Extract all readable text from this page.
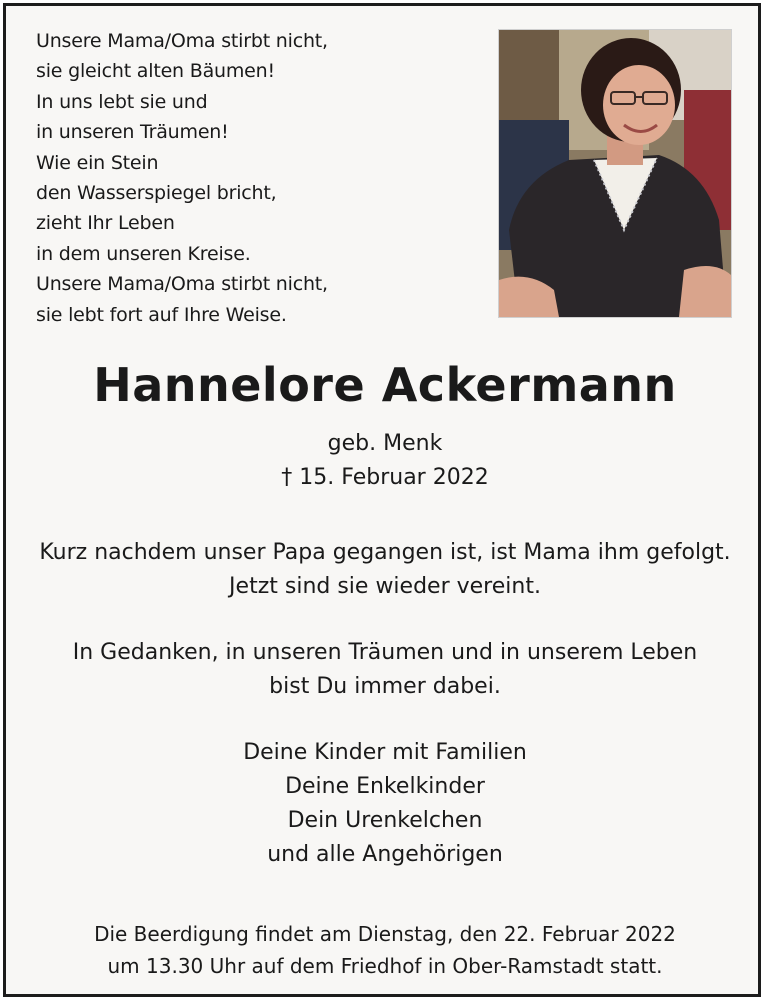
Unsere Mama/Oma stirbt nicht,
sie gleicht alten Bäumen!
In uns lebt sie und
in unseren Träumen!
Wie ein Stein
den Wasserspiegel bricht,
zieht Ihr Leben
in dem unseren Kreise.
Unsere Mama/Oma stirbt nicht,
sie lebt fort auf Ihre Weise.
Hannelore Ackermann
geb. Menk
† 15. Februar 2022
Kurz nachdem unser Papa gegangen ist, ist Mama ihm gefolgt.
Jetzt sind sie wieder vereint.
In Gedanken, in unseren Träumen und in unserem Leben
bist Du immer dabei.
Deine Kinder mit Familien
Deine Enkelkinder
Dein Urenkelchen
und alle Angehörigen
Die Beerdigung findet am Dienstag, den 22. Februar 2022
um 13.30 Uhr auf dem Friedhof in Ober-Ramstadt statt.
